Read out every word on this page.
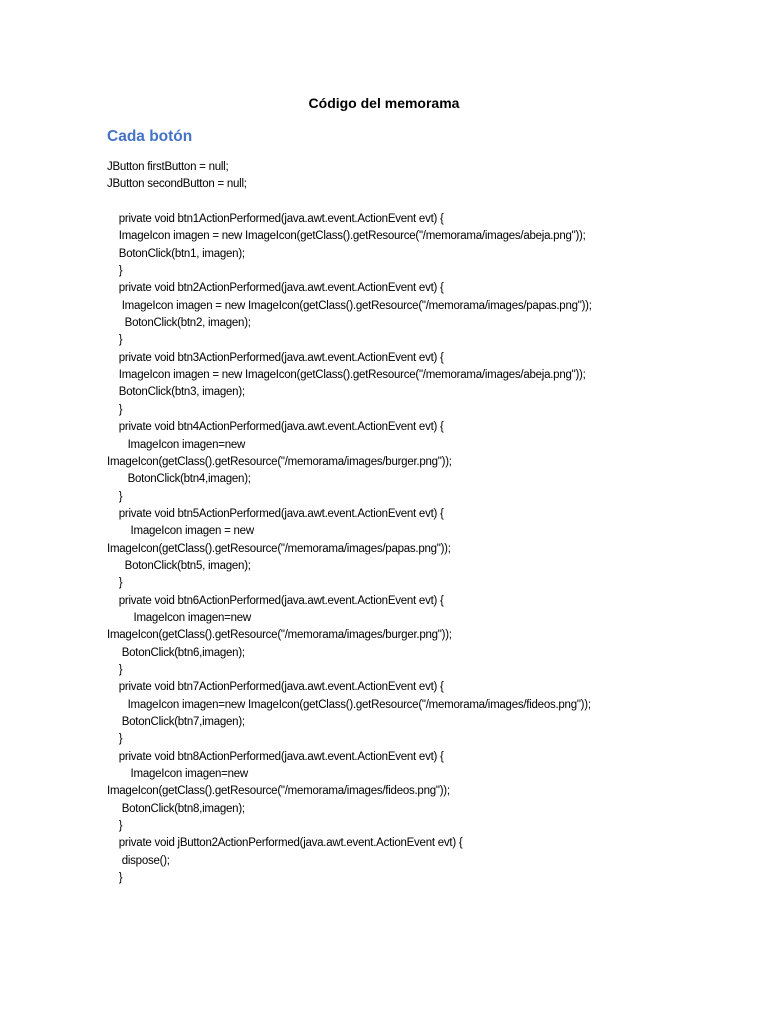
Código del memorama
Cada botón
JButton firstButton = null;
JButton secondButton = null;
private void btn1ActionPerformed(java.awt.event.ActionEvent evt) {
ImageIcon imagen = new ImageIcon(getClass().getResource("/memorama/images/abeja.png"));
BotonClick(btn1, imagen);
}
private void btn2ActionPerformed(java.awt.event.ActionEvent evt) {
ImageIcon imagen = new ImageIcon(getClass().getResource("/memorama/images/papas.png"));
BotonClick(btn2, imagen);
}
private void btn3ActionPerformed(java.awt.event.ActionEvent evt) {
ImageIcon imagen = new ImageIcon(getClass().getResource("/memorama/images/abeja.png"));
BotonClick(btn3, imagen);
}
private void btn4ActionPerformed(java.awt.event.ActionEvent evt) {
ImageIcon imagen=new
ImageIcon(getClass().getResource("/memorama/images/burger.png"));
BotonClick(btn4,imagen);
}
private void btn5ActionPerformed(java.awt.event.ActionEvent evt) {
ImageIcon imagen = new
ImageIcon(getClass().getResource("/memorama/images/papas.png"));
BotonClick(btn5, imagen);
}
private void btn6ActionPerformed(java.awt.event.ActionEvent evt) {
ImageIcon imagen=new
ImageIcon(getClass().getResource("/memorama/images/burger.png"));
BotonClick(btn6,imagen);
}
private void btn7ActionPerformed(java.awt.event.ActionEvent evt) {
ImageIcon imagen=new ImageIcon(getClass().getResource("/memorama/images/fideos.png"));
BotonClick(btn7,imagen);
}
private void btn8ActionPerformed(java.awt.event.ActionEvent evt) {
ImageIcon imagen=new
ImageIcon(getClass().getResource("/memorama/images/fideos.png"));
BotonClick(btn8,imagen);
}
private void jButton2ActionPerformed(java.awt.event.ActionEvent evt) {
dispose();
}
